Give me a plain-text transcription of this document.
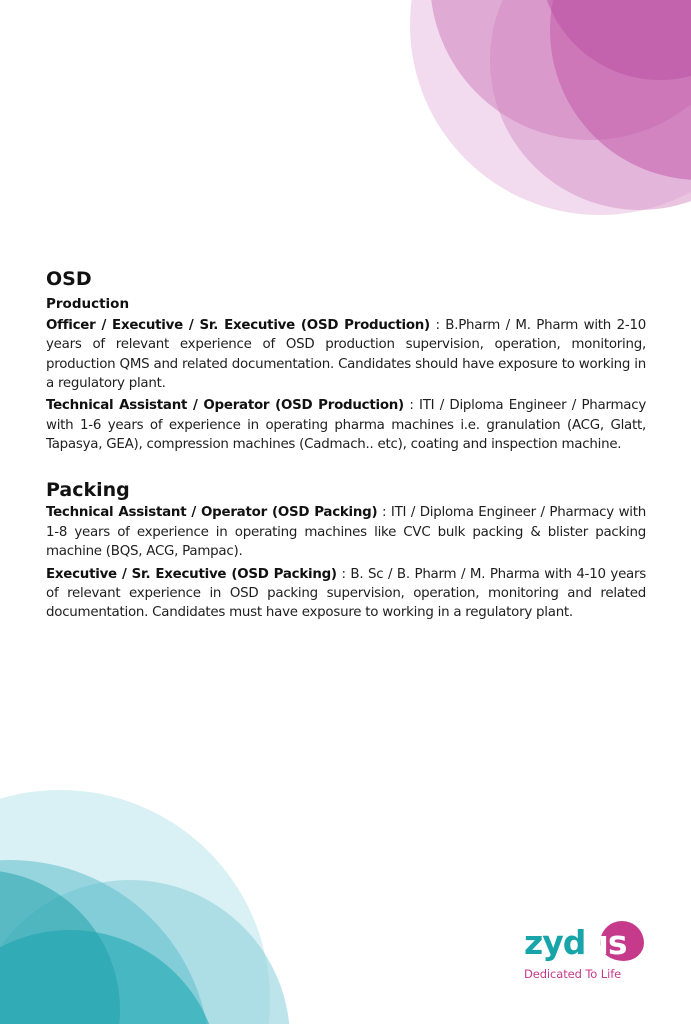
OSD
Production

Officer / Executive / Sr. Executive (OSD Production) : B.Pharm / M. Pharm with 2-10 years of relevant experience of OSD production supervision, operation, monitoring, production QMS and related documentation. Candidates should have exposure to working in a regulatory plant.

Technical Assistant / Operator (OSD Production) : ITI / Diploma Engineer / Pharmacy with 1-6 years of experience in operating pharma machines i.e. granulation (ACG, Glatt, Tapasya, GEA), compression machines (Cadmach.. etc), coating and inspection machine.

Packing

Technical Assistant / Operator (OSD Packing) : ITI / Diploma Engineer / Pharmacy with 1-8 years of experience in operating machines like CVC bulk packing & blister packing machine (BQS, ACG, Pampac).

Executive / Sr. Executive (OSD Packing) : B. Sc / B. Pharm / M. Pharma with 4-10 years of relevant experience in OSD packing supervision, operation, monitoring and related documentation. Candidates must have exposure to working in a regulatory plant.

zydus
Dedicated To Life
